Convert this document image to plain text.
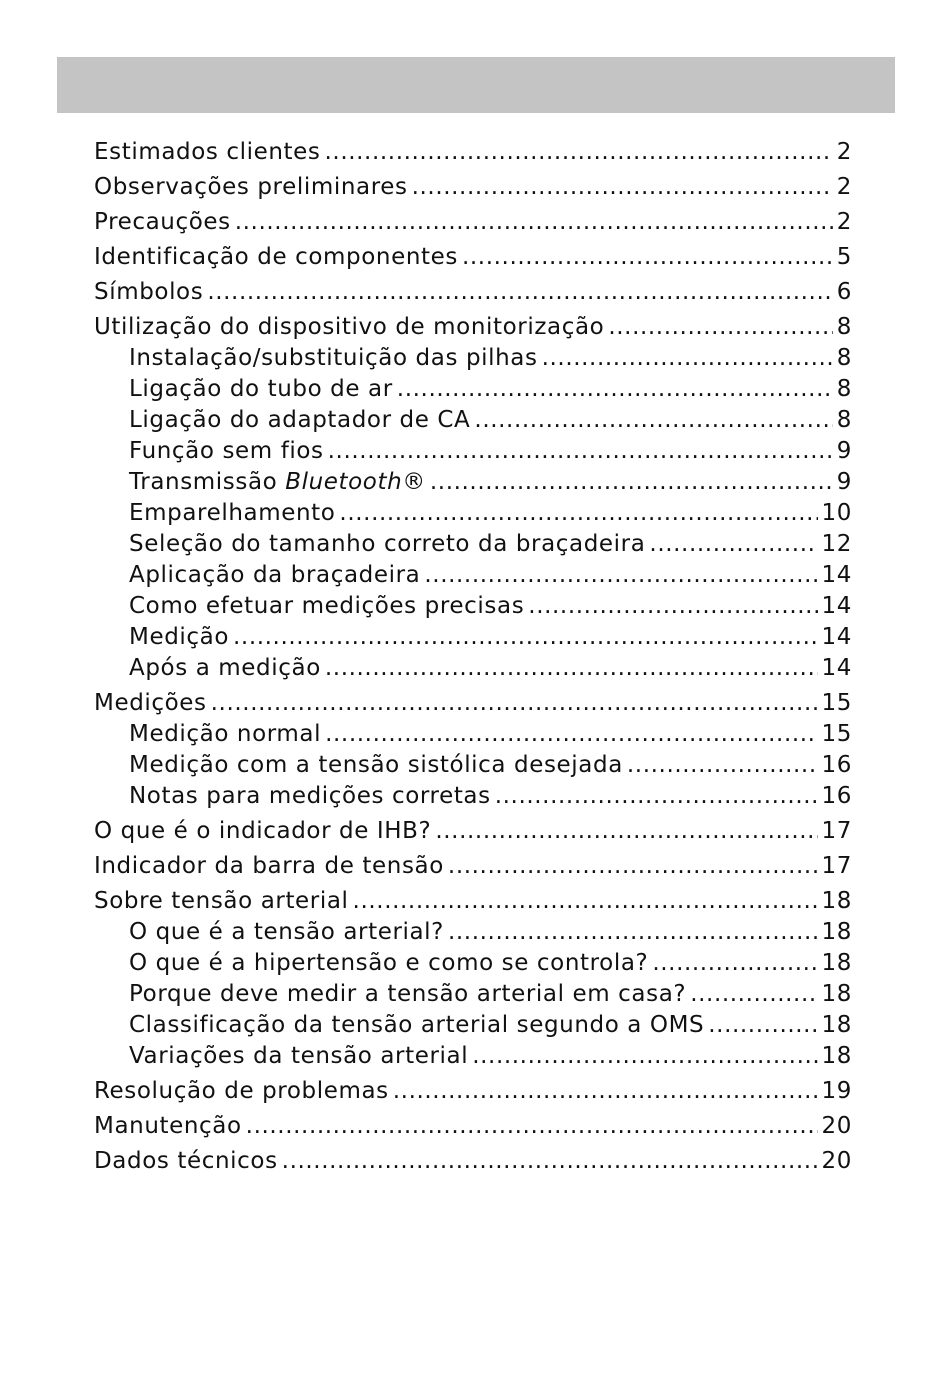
Estimados clientes .....	2
Observações preliminares .....	2
Precauções .....	2
Identificação de componentes .....	5
Símbolos .....	6
Utilização do dispositivo de monitorização .....	8
Instalação/substituição das pilhas .....	8
Ligação do tubo de ar .....	8
Ligação do adaptador de CA .....	8
Função sem fios .....	9
Transmissão Bluetooth® .....	9
Emparelhamento .....	10
Seleção do tamanho correto da braçadeira .....	12
Aplicação da braçadeira .....	14
Como efetuar medições precisas .....	14
Medição .....	14
Após a medição .....	14
Medições .....	15
Medição normal .....	15
Medição com a tensão sistólica desejada .....	16
Notas para medições corretas .....	16
O que é o indicador de IHB? .....	17
Indicador da barra de tensão .....	17
Sobre tensão arterial .....	18
O que é a tensão arterial? .....	18
O que é a hipertensão e como se controla? .....	18
Porque deve medir a tensão arterial em casa? .....	18
Classificação da tensão arterial segundo a OMS .....	18
Variações da tensão arterial .....	18
Resolução de problemas .....	19
Manutenção .....	20
Dados técnicos .....	20
